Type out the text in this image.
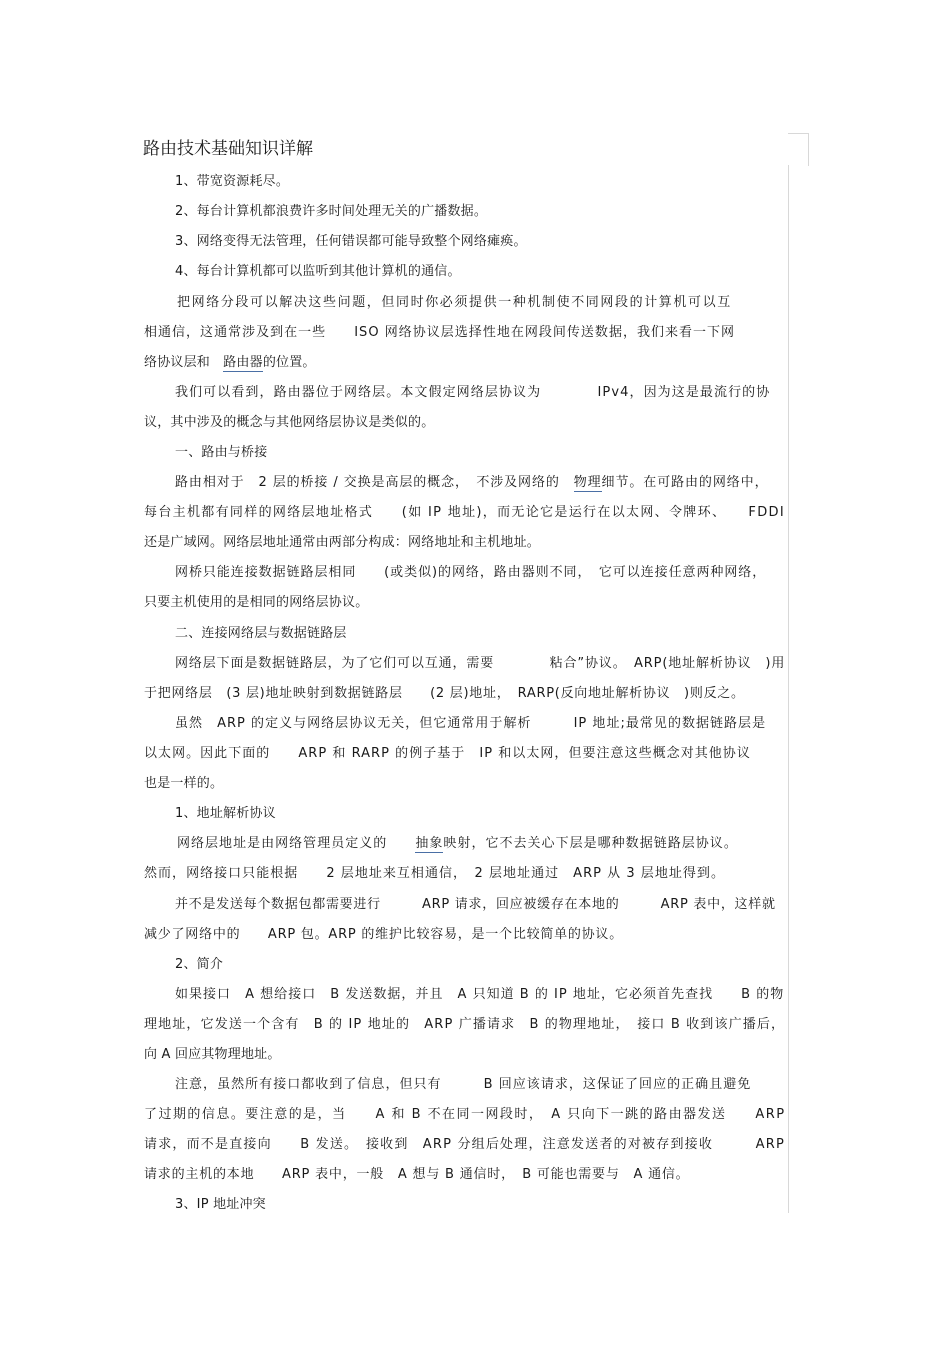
路由技术基础知识详解
1、带宽资源耗尽。
2、每台计算机都浪费许多时间处理无关的广播数据。
3、网络变得无法管理，任何错误都可能导致整个网络瘫痪。
4、每台计算机都可以监听到其他计算机的通信。
把网络分段可以解决这些问题，但同时你必须提供一种机制使不同网段的计算机可以互
相通信，这通常涉及到在一些　　ISO 网络协议层选择性地在网段间传送数据，我们来看一下网
络协议层和　路由器的位置。
我们可以看到，路由器位于网络层。本文假定网络层协议为　　　　IPv4，因为这是最流行的协
议，其中涉及的概念与其他网络层协议是类似的。
一、路由与桥接
路由相对于　2 层的桥接 / 交换是高层的概念，　不涉及网络的　物理细节。在可路由的网络中，
每台主机都有同样的网络层地址格式　　(如 IP 地址)，而无论它是运行在以太网、令牌环、　　FDDI
还是广域网。网络层地址通常由两部分构成：网络地址和主机地址。
网桥只能连接数据链路层相同　　(或类似)的网络，路由器则不同，　它可以连接任意两种网络，
只要主机使用的是相同的网络层协议。
二、连接网络层与数据链路层
网络层下面是数据链路层，为了它们可以互通，需要　　　　粘合”协议。　ARP(地址解析协议　)用
于把网络层　(3 层)地址映射到数据链路层　　(2 层)地址，　RARP(反向地址解析协议　)则反之。
虽然　ARP 的定义与网络层协议无关，但它通常用于解析　　　IP 地址;最常见的数据链路层是
以太网。因此下面的　　ARP 和 RARP 的例子基于　IP 和以太网，但要注意这些概念对其他协议
也是一样的。
1、地址解析协议
网络层地址是由网络管理员定义的　　抽象映射，它不去关心下层是哪种数据链路层协议。
然而，网络接口只能根据　　2 层地址来互相通信，　2 层地址通过　ARP 从 3 层地址得到。
并不是发送每个数据包都需要进行　　　ARP 请求，回应被缓存在本地的　　　ARP 表中，这样就
减少了网络中的　　ARP 包。ARP 的维护比较容易，是一个比较简单的协议。
2、简介
如果接口　A 想给接口　B 发送数据，并且　A 只知道 B 的 IP 地址，它必须首先查找　　B 的物
理地址，它发送一个含有　B 的 IP 地址的　ARP 广播请求　B 的物理地址，　接口 B 收到该广播后，
向 A 回应其物理地址。
注意，虽然所有接口都收到了信息，但只有　　　B 回应该请求，这保证了回应的正确且避免
了过期的信息。要注意的是，当　　A 和 B 不在同一网段时，　A 只向下一跳的路由器发送　　ARP
请求，而不是直接向　　B 发送。　接收到　ARP 分组后处理，注意发送者的对被存到接收　　　ARP
请求的主机的本地　　ARP 表中，一般　A 想与 B 通信时，　B 可能也需要与　A 通信。
3、IP 地址冲突
